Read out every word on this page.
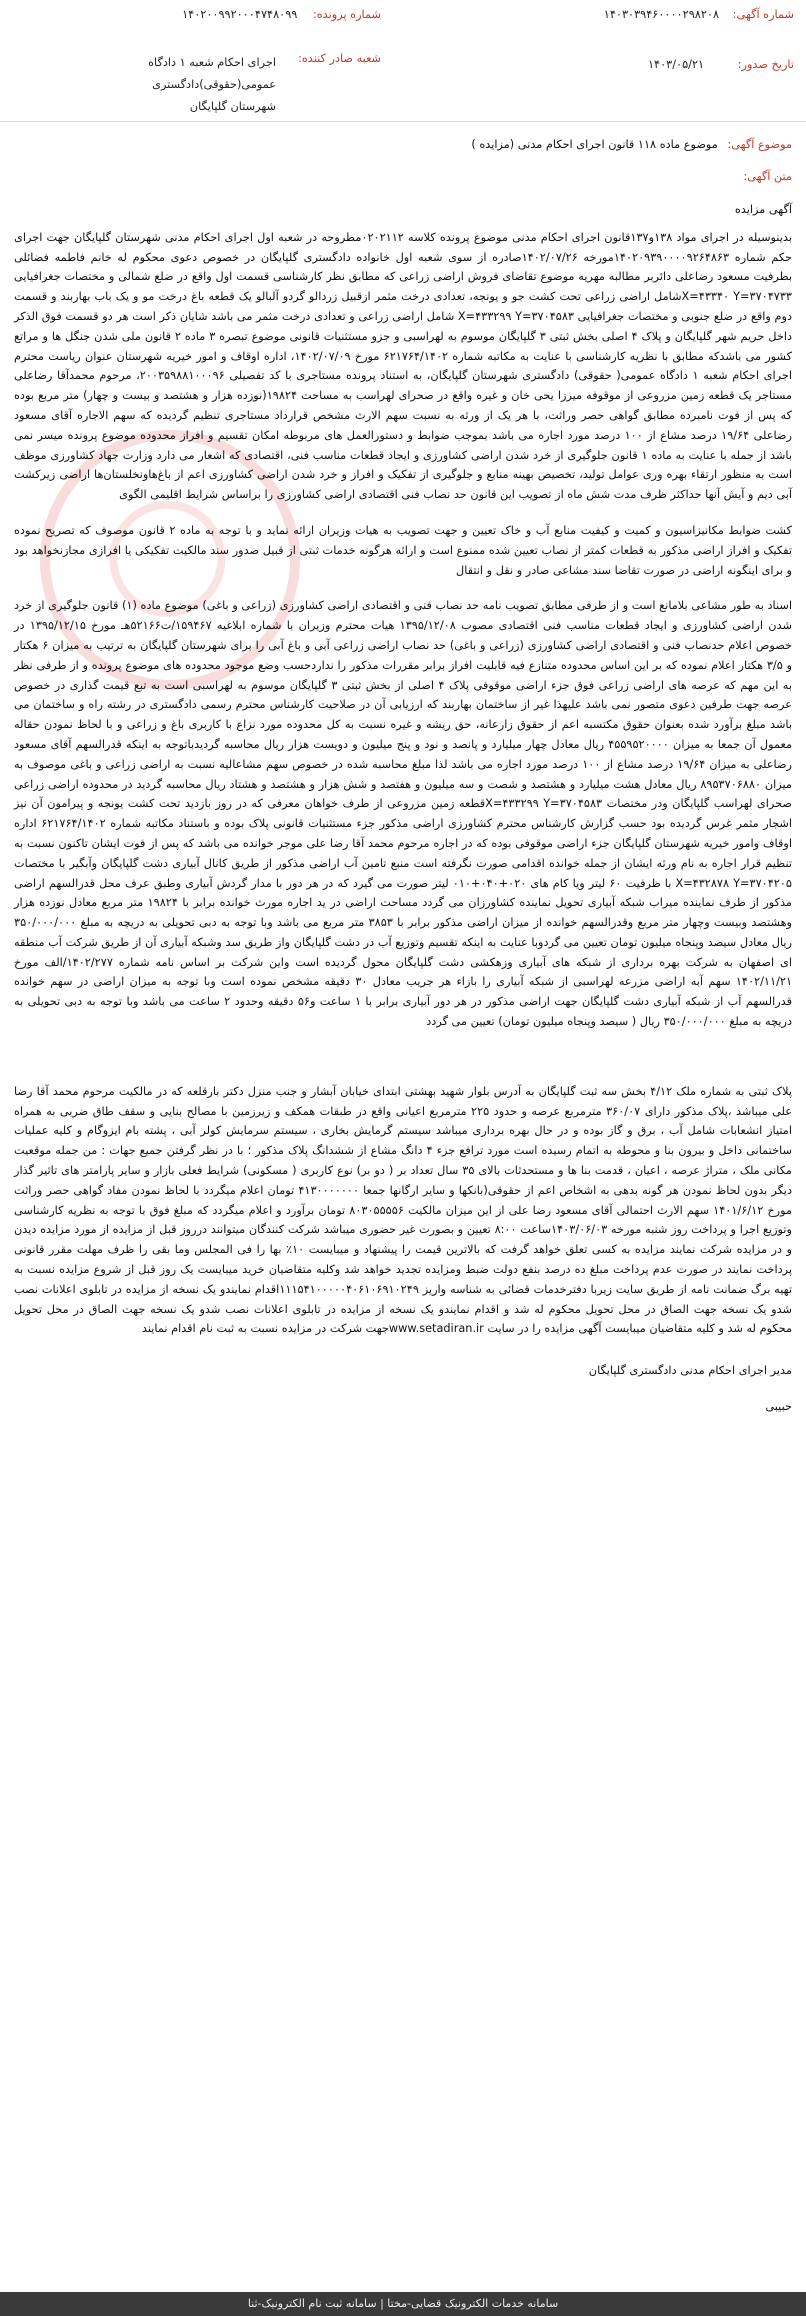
شماره آگهی: ۱۴۰۳۰۳۹۴۶۰۰۰۰۲۹۸۲۰۸
شماره پرونده: ۱۴۰۲۰۰۹۹۲۰۰۰۴۷۴۸۰۹۹
تاریخ صدور: ۱۴۰۳/۰۵/۲۱
شعبه صادر کننده:
اجرای احکام شعبه ۱ دادگاه عمومی(حقوقی)دادگستری
شهرستان گلپایگان
موضوع آگهی: موضوع ماده ۱۱۸ قانون اجرای احکام مدنی (مزایده )
متن آگهی:

آگهی مزایده

بدینوسیله در اجرای مواد ۱۳۸و۱۳۷قانون اجرای احکام مدنی موضوع پرونده کلاسه ۰۲۰۲۱۱۲مطروحه در شعبه اول اجرای احکام مدنی شهرستان گلپایگان جهت اجرای حکم شماره ۱۴۰۲۰۹۳۹۰۰۰۰۹۲۶۴۸۶۳مورخه ۱۴۰۲/۰۷/۲۶صادره از سوی شعبه اول خانواده دادگستری گلپایگان در خصوص دعوی محکوم له خانم فاطمه فضائلی بطرفیت مسعود رضاعلی دائربر مطالبه مهریه موضوع تقاضای فروش اراضی زراعی که مطابق نظر کارشناسی قسمت اول واقع در ضلع شمالی و مختصات جغرافیایی X=۴۳۳۴۰ Y=۳۷۰۴۷۳۳شامل اراضی زراعی تحت کشت جو و یونجه، تعدادی درخت مثمر ازقبیل زردالو گردو آلبالو یک قطعه باغ درخت مو و یک باب بهاربند و قسمت دوم واقع در ضلع جنوبی و مختصات جغرافیایی X=۴۳۳۲۹۹ Y=۳۷۰۴۵۸۳ شامل اراضی زراعی و تعدادی درخت مثمر می باشد شایان ذکر است هر دو قسمت فوق الذکر داخل حریم شهر گلپایگان و پلاک ۴ اصلی بخش ثبتی ۳ گلپایگان موسوم به لهراسبی و جزو مستثنیات قانونی موضوع تبصره ۳ ماده ۲ قانون ملی شدن جنگل ها و مراتع کشور می باشدکه مطابق با نظریه کارشناسی با عنایت به مکاتبه شماره ۶۲۱۷۶۴/۱۴۰۲ مورخ ۱۴۰۲/۰۷/۰۹، اداره اوقاف و امور خیریه شهرستان عنوان ریاست محترم اجرای احکام شعبه ۱ دادگاه عمومی( حقوقی) دادگستری شهرستان گلپایگان، به استناد پرونده مستاجری با کد تفصیلی ۲۰۰۳۵۹۸۸۱۰۰۰۹۶، مرحوم محمدآقا رضاعلی مستاجر یک قطعه زمین مزروعی از موقوفه میرزا یحی خان و غیره واقع در صحرای لهراسب به مساحت ۱۹۸۲۴(نوزده هزار و هشتصد و بیست و چهار) متر مربع بوده که پس از فوت نامبرده مطابق گواهی حصر وراثت، با هر یک از ورثه به نسبت سهم الارث مشخص قرارداد مستاجری تنظیم گردیده که سهم الاجاره آقای مسعود رضاعلی ۱۹/۶۴ درصد مشاع از ۱۰۰ درصد مورد اجاره می باشد بموجب ضوابط و دستورالعمل های مربوطه امکان تقسیم و افراز محدوده موضوع پرونده میسر نمی باشد از جمله با عنایت به ماده ۱ قانون جلوگیری از خرد شدن اراضی کشاورزی و ایجاد قطعات مناسب فنی، اقتصادی که اشعار می دارد وزارت جهاد کشاورزی موظف است به منظور ارتقاء بهره وری عوامل تولید، تخصیص بهینه منابع و جلوگیری از تفکیک و افراز و خرد شدن اراضی کشاورزی اعم از باغ‌هاونخلستان‌ها اراضی زیرکشت آبی دیم و آیش آنها حداکثر ظرف مدت شش ماه از تصویب این قانون حد نصاب فنی اقتصادی اراضی کشاورزی را براساس شرایط اقلیمی الگوی

کشت ضوابط مکانیزاسیون و کمیت و کیفیت منابع آب و خاک تعیین و جهت تصویب به هیات وزیران ارائه نماید و با توجه به ماده ۲ قانون موصوف که تصریح نموده تفکیک و افراز اراضی مذکور به قطعات کمتر از نصاب تعیین شده ممنوع است و ارائه هرگونه خدمات ثبتی از قبیل صدور سند مالکیت تفکیکی یا افرازی مجازنخواهد بود و برای اینگونه اراضی در صورت تقاضا سند مشاعی صادر و نقل و انتقال

اسناد به طور مشاعی بلامانع است و از طرفی مطابق تصویب نامه حد نصاب فنی و اقتصادی اراضی کشاورزی (زراعی و باغی) موضوع ماده (۱) قانون جلوگیری از خرد شدن اراضی کشاورزی و ایجاد قطعات مناسب فنی اقتصادی مصوب ۱۳۹۵/۱۲/۰۸ هیات محترم وزیران با شماره ابلاغیه ۱۵۹۴۶۷/ت۵۲۱۶۶هـ مورخ ۱۳۹۵/۱۲/۱۵ در خصوص اعلام حدنصاب فنی و اقتصادی اراضی کشاورزی (زراعی و باغی) حد نصاب اراضی زراعی آبی و باغ آبی را برای شهرستان گلپایگان به ترتیب به میزان ۶ هکتار و ۳/۵ هکتار اعلام نموده که بر این اساس محدوده متنازع فیه قابلیت افراز برابر مقررات مذکور را نداردحسب وضع موجود محدوده های موضوع پرونده و از طرفی نظر به این مهم که عرصه های اراضی زراعی فوق جزء اراضی موقوفی پلاک ۴ اصلی از بخش ثبتی ۳ گلپایگان موسوم به لهراسبی است به تبع قیمت گذاری در خصوص عرصه جهت طرفین دعوی متصور نمی باشد علیهذا غیر از ساختمان بهاربند که ارزیابی آن در صلاحیت کارشناس محترم رسمی دادگستری در رشته راه و ساختمان می باشد مبلغ برآورد شده بعنوان حقوق مکتسبه اعم از حقوق زارعانه، حق ریشه و غیره نسبت به کل محدوده مورد نزاع با کاربری باغ و زراعی و با لحاظ نمودن حقاله معمول آن جمعا به میزان ۴۵۵۹۵۲۰۰۰۰ ریال معادل چهار میلیارد و پانصد و نود و پنج میلیون و دویست هزار ریال محاسبه گردیدباتوجه به اینکه قدرالسهم آقای مسعود رضاعلی به میزان ۱۹/۶۴ درصد مشاع از ۱۰۰ درصد مورد اجاره می باشد لذا مبلغ محاسبه شده در خصوص سهم مشاعالیه نسبت به اراضی زراعی و باغی موصوف به میزان ۸۹۵۳۷۰۶۸۸۰ ریال معادل هشت میلیارد و هشتصد و شصت و سه میلیون و هفتصد و شش هزار و هشتصد و هشتاد ریال محاسبه گردید در محدوده اراضی زراعی صحرای لهراسب گلپایگان ودر مختصات X=۴۳۳۲۹۹ Y=۳۷۰۴۵۸۳قطعه زمین مزروعی از طرف خواهان معرفی که در روز بازدید تحت کشت یونجه و پیرامون آن نیز اشجار مثمر غرس گردیده بود حسب گزارش کارشناس محترم کشاورزی اراضی مذکور جزء مستثنیات قانونی پلاک بوده و باستناد مکاتبه شماره ۶۲۱۷۶۴/۱۴۰۲ اداره اوقاف وامور خیریه شهرستان گلپایگان جزء اراضی موقوفی بوده که در اجاره مرحوم محمد آقا رضا علی موجر خوانده می باشد که پس از فوت ایشان تاکنون نسبت به تنظیم قرار اجاره به نام ورثه ایشان از جمله خوانده اقدامی صورت نگرفته است منبع تامین آب اراضی مذکور از طریق کانال آبیاری دشت گلپایگان وآبگیر با مختصات X=۴۳۲۸۷۸ Y=۳۷۰۴۲۰۵ با ظرفیت ۶۰ لیتر ویا کام های ۰۲۰+۰۴۰+۰۱۰ لیتر صورت می گیرد که در هر دور با مدار گردش آبیاری وطبق عرف محل قدرالسهم اراضی مذکور از طرف نماینده میراب شبکه آبیاری تحویل نماینده کشاورزان می گردد مساحت اراضی در ید اجاره مورث خوانده برابر با ۱۹۸۲۴ متر مربع معادل نوزده هزار وهشتصد وبیست وچهار متر مربع وقدرالسهم خوانده از میزان اراضی مذکور برابر با ۳۸۵۳ متر مربع می باشد وبا توجه به دبی تحویلی به دریچه به مبلغ ۳۵۰/۰۰۰/۰۰۰ ریال معادل سیصد وپنجاه میلیون تومان تعیین می گردوبا عنایت به اینکه تقسیم وتوزیع آب در دشت گلپایگان واز طریق سد وشبکه آبیاری آن از طریق شرکت آب منطقه ای اصفهان به شرکت بهره برداری از شبکه های آبیاری وزهکشی دشت گلپایگان محول گردیده است واین شرکت بر اساس نامه شماره ۱۴۰۲/۲۷۷/الف مورخ ۱۴۰۲/۱۱/۲۱ سهم آبه اراضی مزرعه لهراسبی از شبکه آبیاری را بازاء هر جریب معادل ۳۰ دقیقه مشخص نموده است وبا توجه به میزان اراضی در سهم خوانده قدرالسهم آب از شبکه آبیاری دشت گلپایگان جهت اراضی مذکور در هر دور آبیاری برابر با ۱ ساعت و۵۶ دقیقه وحدود ۲ ساعت می باشد وبا توجه به دبی تحویلی به دریچه به مبلغ ۳۵۰/۰۰۰/۰۰۰ ریال ( سیصد وپنجاه میلیون تومان) تعیین می گردد

پلاک ثبتی به شماره ملک ۴/۱۲ بخش سه ثبت گلپایگان به آدرس بلوار شهید بهشتی ابتدای خیابان آبشار و جنب منزل دکتر بارقلعه که در مالکیت مرحوم محمد آقا رضا علی میباشد ،پلاک مذکور دارای ۳۶۰/۰۷ مترمربع عرصه و حدود ۲۲۵ مترمربع اعیانی واقع در طبقات همکف و زیرزمین با مصالح بنایی و سقف طاق ضربی به همراه امتیاز انشعابات شامل آب ، برق و گاز بوده و در حال بهره برداری میباشد سیستم گرمایش بخاری ، سیستم سرمایش کولر آبی ، پشته بام ایزوگام و کلیه عملیات ساختمانی داخل و بیرون بنا و محوطه به اتمام رسیده است مورد ترافع جزء ۴ دانگ مشاع از ششدانگ پلاک مذکور ؛ با در نظر گرفتن جمیع جهات : من جمله موقعیت مکانی ملک ، متراژ عرصه ، اعیان ، قدمت بنا ها و مستحدثات بالای ۳۵ سال تعداد بر ( دو بر) نوع کاربری ( مسکونی) شرایط فعلی بازار و سایر پارامتر های تاثیر گذار دیگر بدون لحاظ نمودن هر گونه بدهی به اشخاص اعم از حقوقی(بانکها و سایر ارگانها جمعا ۴۱۳۰۰۰۰۰۰۰ تومان اعلام میگردد با لحاظ نمودن مفاد گواهی حصر وراثت مورخ ۱۴۰۱/۶/۱۲ سهم الارث احتمالی آقای مسعود رضا علی از این میزان مالکیت ۸۰۳۰۵۵۵۵۶ تومان برآورد و اعلام میگردد که مبلغ فوق با توجه به نظریه کارشناسی وتوزیع اجرا و پرداخت روز شنبه مورخه ۱۴۰۳/۰۶/۰۳ساعت ۸:۰۰ تعیین و بصورت غیر حضوری میباشد شرکت کنندگان میتوانند درروز قبل از مزایده از مورد مزایده دیدن و در مزایده شرکت نمایند مزایده به کسی تعلق خواهد گرفت که بالاترین قیمت را پیشنهاد و میبایست ۱۰٪ بها را فی المجلس وما بقی را ظرف مهلت مقرر قانونی پرداخت نمایند در صورت عدم پرداخت مبلغ ده درصد بنفع دولت ضبط ومزایده تجدید خواهد شد وکلیه متقاضیان خرید میبایست یک روز قبل از شروع مزایده نسبت به تهیه برگ ضمانت نامه از طریق سایت زیربا دفترخدمات قضائی به شناسه واریز ۱۱۱۵۴۱۰۰۰۰۰۴۰۶۱۰۶۹۱۰۲۴۹اقدام نمایندو یک نسخه از مزایده در تابلوی اعلانات نصب شدو یک نسخه جهت الصاق در محل تحویل محکوم له شد و اقدام نمایندو یک نسخه از مزایده در تابلوی اعلانات نصب شدو یک نسخه جهت الصاق در محل تحویل محکوم له شد و کلیه متقاضیان میبایست آگهی مزایده را در سایت www.setadiran.irجهت شرکت در مزایده نسبت به ثبت نام اقدام نمایند

مدیر اجرای احکام مدنی دادگستری گلپایگان
حبیبی
سامانه خدمات الکترونیک قضایی-مختا | سامانه ثبت نام الکترونیک-ثنا
